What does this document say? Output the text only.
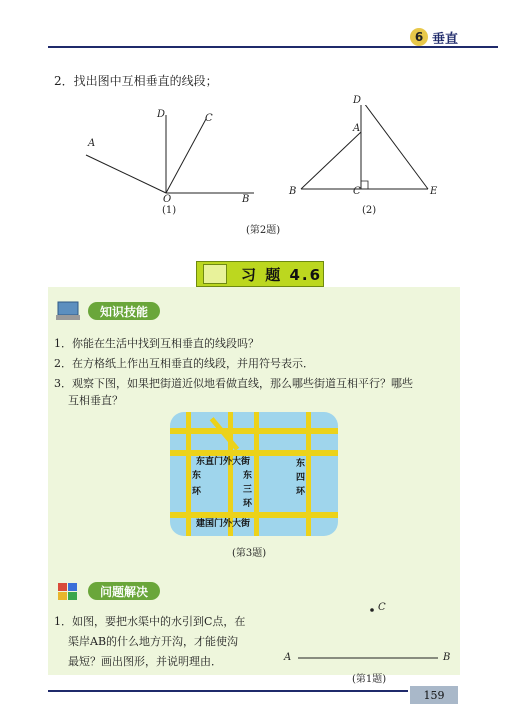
6 垂直
2．找出图中互相垂直的线段；
A
D	C
O	B
(1)
D
A
B	C	E
(2)
(第2题)
习 题 4.6
知识技能
1．你能在生活中找到互相垂直的线段吗？
2．在方格纸上作出互相垂直的线段，并用符号表示．
3．观察下图，如果把街道近似地看做直线，那么哪些街道互相平行？哪些
互相垂直？
东直门外大街
东
环
东
三
环
东
四
环
建国门外大街
(第3题)
问题解决
1．如图，要把水渠中的水引到C点，在
渠岸AB的什么地方开沟，才能使沟
最短？画出图形，并说明理由．
C
A	B
(第1题)
159
